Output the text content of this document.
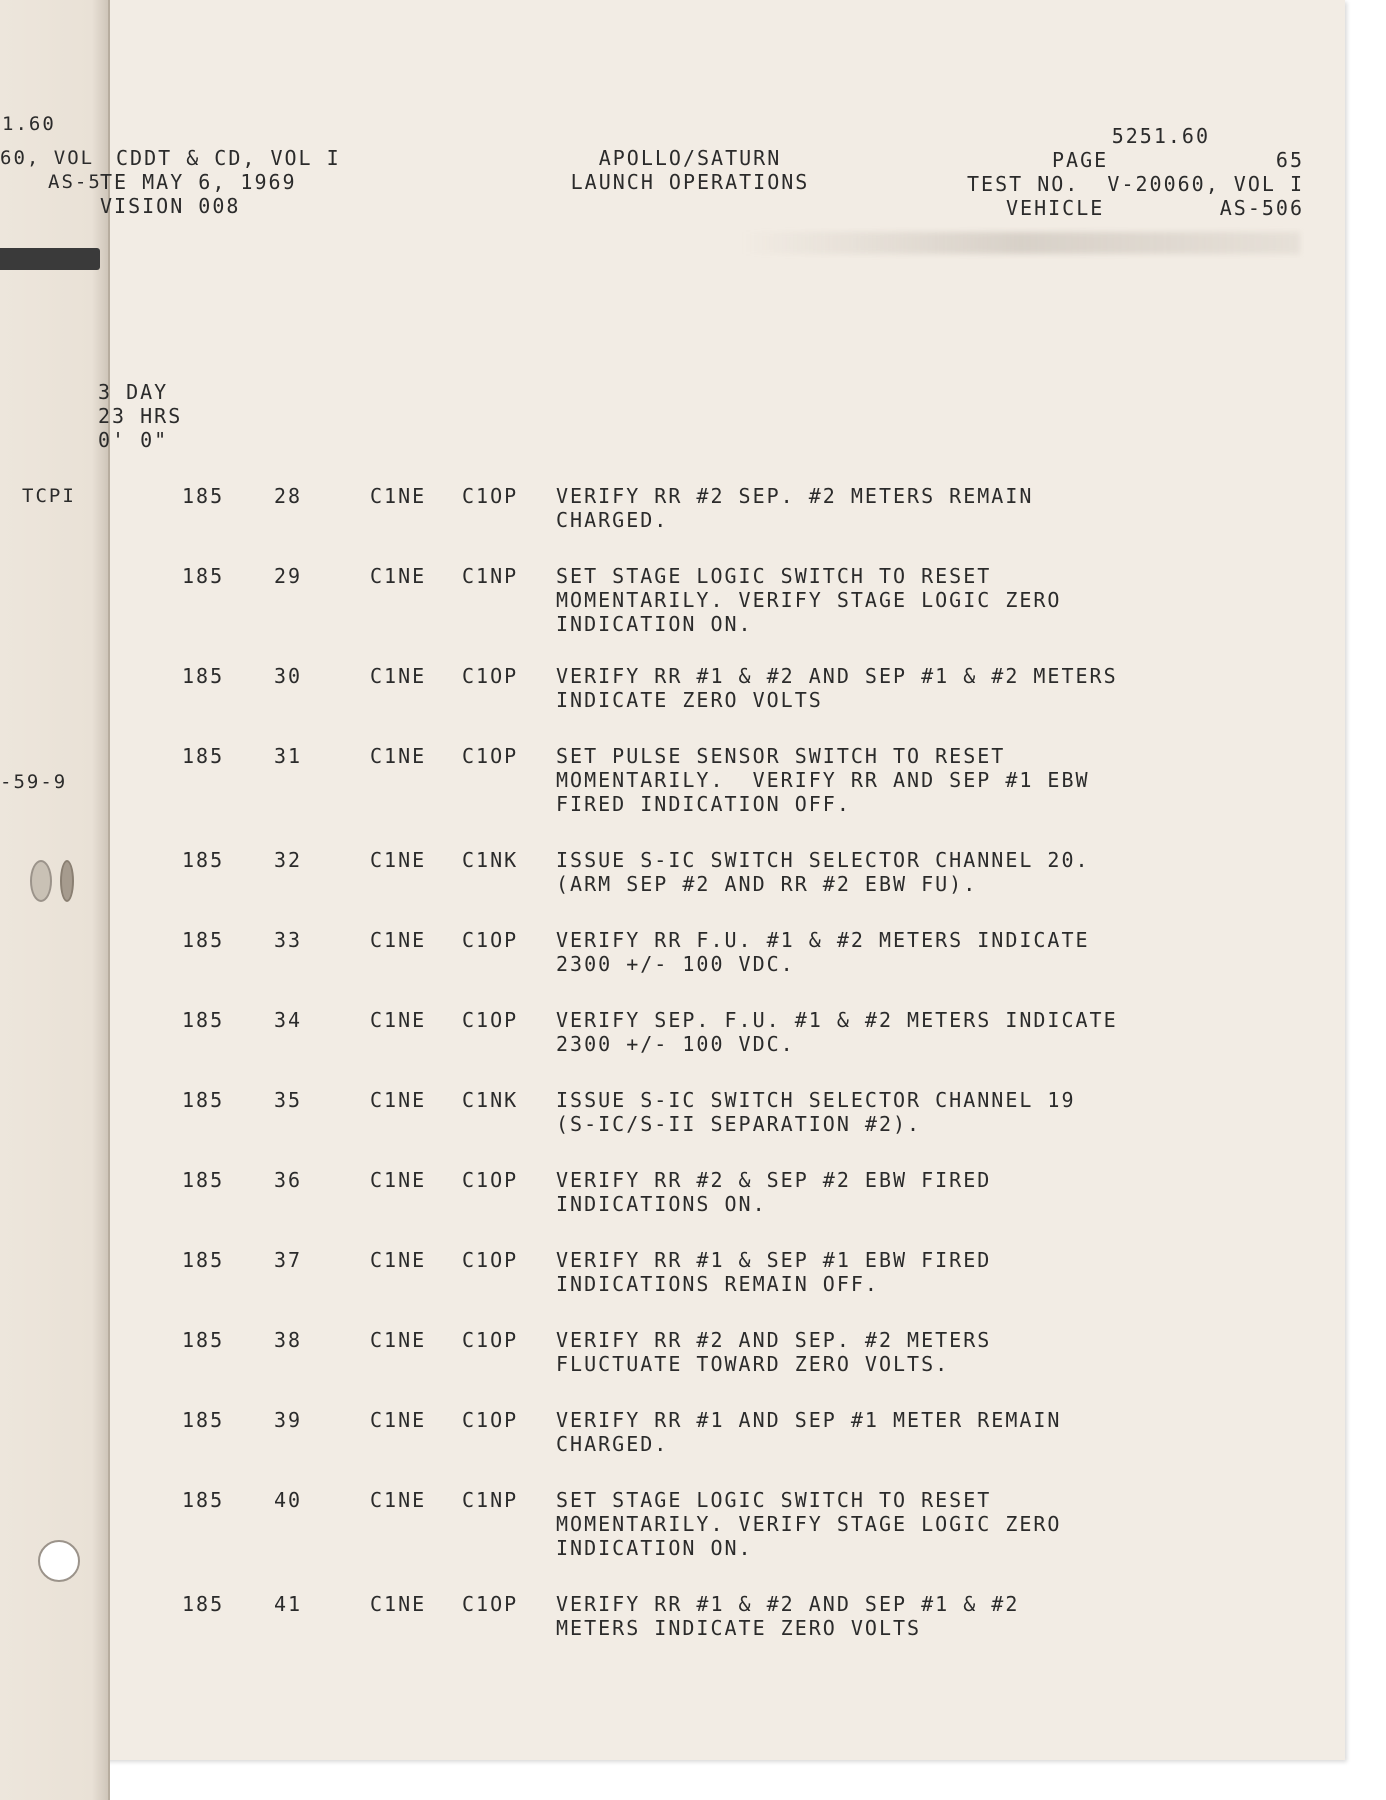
1.60
60, VOL
AS-5
TCPI
-59-9
3 DAY
23 HRS
0' 0"
CDDT & CD, VOL I
TE MAY 6, 1969
VISION 008
APOLLO/SATURN
LAUNCH OPERATIONS
5251.60
PAGE	65
TEST NO.  V-20060, VOL I
VEHICLE	AS-506
185 28	C1NE C1OP VERIFY RR #2 SEP. #2 METERS REMAIN
CHARGED.
185 29	C1NE C1NP SET STAGE LOGIC SWITCH TO RESET
MOMENTARILY. VERIFY STAGE LOGIC ZERO
INDICATION ON.
185 30	C1NE C1OP VERIFY RR #1 & #2 AND SEP #1 & #2 METERS
INDICATE ZERO VOLTS
185 31	C1NE C1OP SET PULSE SENSOR SWITCH TO RESET
MOMENTARILY.  VERIFY RR AND SEP #1 EBW
FIRED INDICATION OFF.
185 32	C1NE C1NK ISSUE S-IC SWITCH SELECTOR CHANNEL 20.
(ARM SEP #2 AND RR #2 EBW FU).
185 33	C1NE C1OP VERIFY RR F.U. #1 & #2 METERS INDICATE
2300 +/- 100 VDC.
185 34	C1NE C1OP VERIFY SEP. F.U. #1 & #2 METERS INDICATE
2300 +/- 100 VDC.
185 35	C1NE C1NK ISSUE S-IC SWITCH SELECTOR CHANNEL 19
(S-IC/S-II SEPARATION #2).
185 36	C1NE C1OP VERIFY RR #2 & SEP #2 EBW FIRED
INDICATIONS ON.
185 37	C1NE C1OP VERIFY RR #1 & SEP #1 EBW FIRED
INDICATIONS REMAIN OFF.
185 38	C1NE C1OP VERIFY RR #2 AND SEP. #2 METERS
FLUCTUATE TOWARD ZERO VOLTS.
185 39	C1NE C1OP VERIFY RR #1 AND SEP #1 METER REMAIN
CHARGED.
185 40	C1NE C1NP SET STAGE LOGIC SWITCH TO RESET
MOMENTARILY. VERIFY STAGE LOGIC ZERO
INDICATION ON.
185 41	C1NE C1OP VERIFY RR #1 & #2 AND SEP #1 & #2
METERS INDICATE ZERO VOLTS
